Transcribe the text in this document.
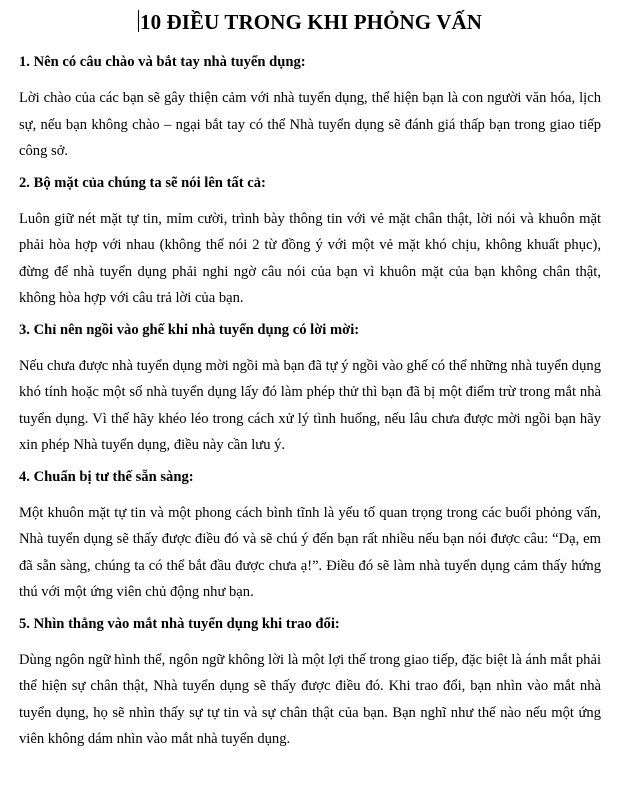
10 ĐIỀU TRONG KHI PHỎNG VẤN
1. Nên có câu chào và bắt tay nhà tuyển dụng:
Lời chào của các bạn sẽ gây thiện cảm với nhà tuyển dụng, thể hiện bạn là con người văn hóa, lịch sự, nếu bạn không chào – ngại bắt tay có thể Nhà tuyển dụng sẽ đánh giá thấp bạn trong giao tiếp công sở.
2. Bộ mặt của chúng ta sẽ nói lên tất cả:
Luôn giữ nét mặt tự tin, mỉm cười, trình bày thông tin với vẻ mặt chân thật, lời nói và khuôn mặt phải hòa hợp với nhau (không thể nói 2 từ đồng ý với một vẻ mặt khó chịu, không khuất phục), đừng để nhà tuyển dụng phải nghi ngờ câu nói của bạn vì khuôn mặt của bạn không chân thật, không hòa hợp với câu trả lời của bạn.
3. Chỉ nên ngồi vào ghế khi nhà tuyển dụng có lời mời:
Nếu chưa được nhà tuyển dụng mời ngồi mà bạn đã tự ý ngồi vào ghế có thể những nhà tuyển dụng khó tính hoặc một số nhà tuyển dụng lấy đó làm phép thử thì bạn đã bị một điểm trừ trong mắt nhà tuyển dụng. Vì thế hãy khéo léo trong cách xử lý tình huống, nếu lâu chưa được mời ngồi bạn hãy xin phép Nhà tuyển dụng, điều này cần lưu ý.
4. Chuẩn bị tư thế sẵn sàng:
Một khuôn mặt tự tin và một phong cách bình tĩnh là yếu tố quan trọng trong các buổi phỏng vấn, Nhà tuyển dụng sẽ thấy được điều đó và sẽ chú ý đến bạn rất nhiều nếu bạn nói được câu: “Dạ, em đã sẵn sàng, chúng ta có thể bắt đầu được chưa ạ!”. Điều đó sẽ làm nhà tuyển dụng cảm thấy hứng thú với một ứng viên chủ động như bạn.
5. Nhìn thẳng vào mắt nhà tuyển dụng khi trao đổi:
Dùng ngôn ngữ hình thể, ngôn ngữ không lời là một lợi thế trong giao tiếp, đặc biệt là ánh mắt phải thể hiện sự chân thật, Nhà tuyển dụng sẽ thấy được điều đó. Khi trao đổi, bạn nhìn vào mắt nhà tuyển dụng, họ sẽ nhìn thấy sự tự tin và sự chân thật của bạn. Bạn nghĩ như thế nào nếu một ứng viên không dám nhìn vào mắt nhà tuyển dụng.
